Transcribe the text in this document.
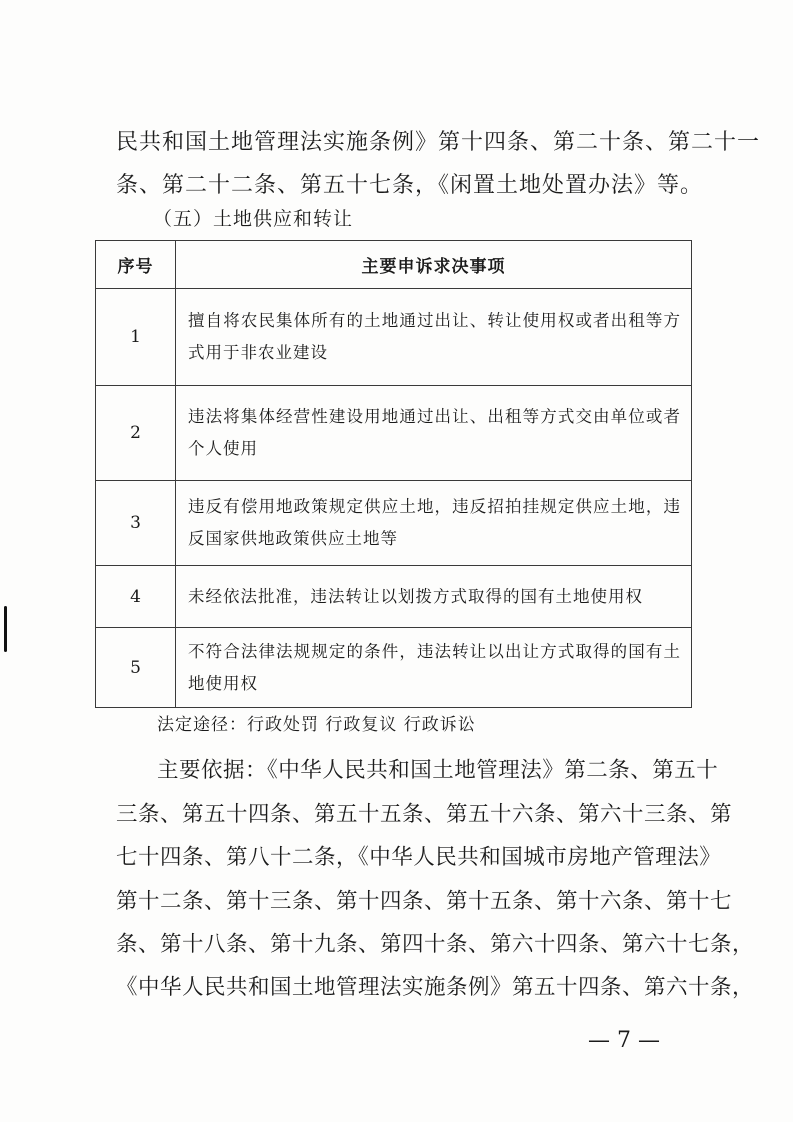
民共和国土地管理法实施条例》第十四条、第二十条、第二十一
条、第二十二条、第五十七条，《闲置土地处置办法》等。
（五）土地供应和转让
序号	主要申诉求决事项
1	擅自将农民集体所有的土地通过出让、转让使用权或者出租等方式用于非农业建设
2	违法将集体经营性建设用地通过出让、出租等方式交由单位或者个人使用
3	违反有偿用地政策规定供应土地，违反招拍挂规定供应土地，违反国家供地政策供应土地等
4	未经依法批准，违法转让以划拨方式取得的国有土地使用权
5	不符合法律法规规定的条件，违法转让以出让方式取得的国有土地使用权
法定途径：行政处罚 行政复议 行政诉讼
主要依据：《中华人民共和国土地管理法》第二条、第五十
三条、第五十四条、第五十五条、第五十六条、第六十三条、第
七十四条、第八十二条，《中华人民共和国城市房地产管理法》
第十二条、第十三条、第十四条、第十五条、第十六条、第十七
条、第十八条、第十九条、第四十条、第六十四条、第六十七条，
《中华人民共和国土地管理法实施条例》第五十四条、第六十条，
— 7 —
